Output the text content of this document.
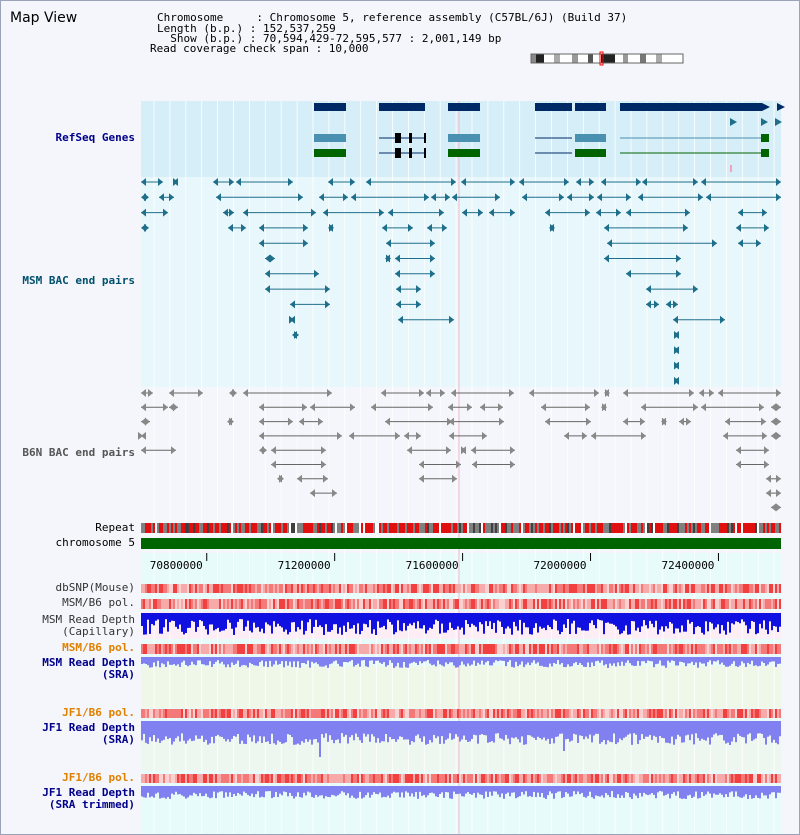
70800000	71200000	71600000	72000000	72400000
Map View	Chromosome     : Chromosome 5, reference assembly (C57BL/6J) (Build 37)
Length (b.p.) : 152,537,259
Show (b.p.) : 70,594,429-72,595,577 : 2,001,149 bp
Read coverage check span : 10,000
RefSeq Genes
MSM BAC end pairs
B6N BAC end pairs
Repeat
chromosome 5
dbSNP(Mouse)
MSM/B6 pol.
MSM Read Depth
(Capillary)
MSM/B6 pol.
MSM Read Depth
(SRA)
JF1/B6 pol.
JF1 Read Depth
(SRA)
JF1/B6 pol.
JF1 Read Depth
(SRA trimmed)
